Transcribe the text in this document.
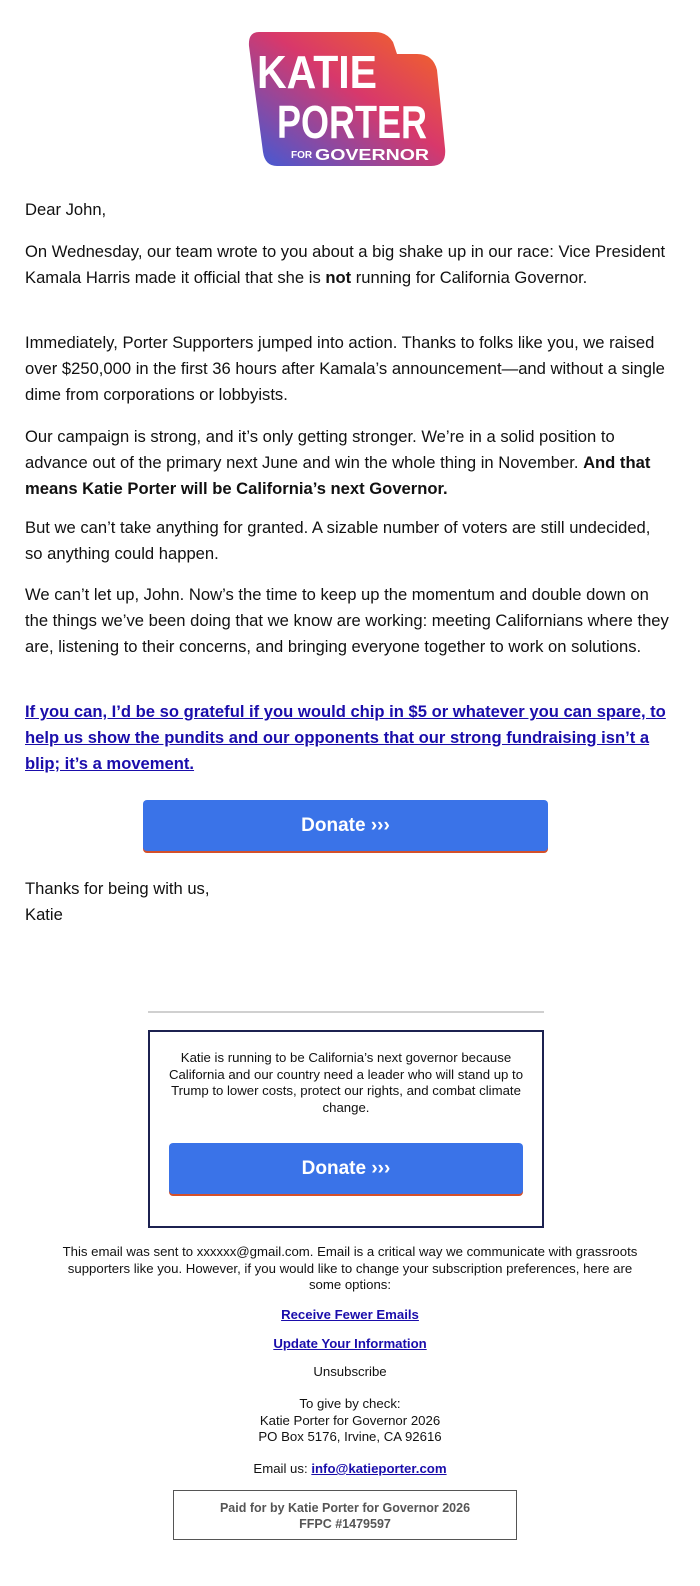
KATIE
PORTER
FOR GOVERNOR
Dear John,

On Wednesday, our team wrote to you about a big shake up in our race: Vice President Kamala Harris made it official that she is not running for California Governor.

Immediately, Porter Supporters jumped into action. Thanks to folks like you, we raised over $250,000 in the first 36 hours after Kamala’s announcement—and without a single dime from corporations or lobbyists.

Our campaign is strong, and it’s only getting stronger. We’re in a solid position to advance out of the primary next June and win the whole thing in November. And that means Katie Porter will be California’s next Governor.

But we can’t take anything for granted. A sizable number of voters are still undecided, so anything could happen.
We can’t let up, John. Now’s the time to keep up the momentum and double down on the things we’ve been doing that we know are working: meeting Californians where they are, listening to their concerns, and bringing everyone together to work on solutions.
If you can, I’d be so grateful if you would chip in $5 or whatever you can spare, to help us show the pundits and our opponents that our strong fundraising isn’t a blip; it’s a movement.
Donate ›››
Thanks for being with us,
Katie
Katie is running to be California’s next governor because California and our country need a leader who will stand up to Trump to lower costs, protect our rights, and combat climate change.
Donate ›››
This email was sent to xxxxxx@gmail.com. Email is a critical way we communicate with grassroots supporters like you. However, if you would like to change your subscription preferences, here are some options:
Receive Fewer Emails
Update Your Information
Unsubscribe
To give by check:
Katie Porter for Governor 2026
PO Box 5176, Irvine, CA 92616
Email us: info@katieporter.com
Paid for by Katie Porter for Governor 2026
FFPC #1479597
